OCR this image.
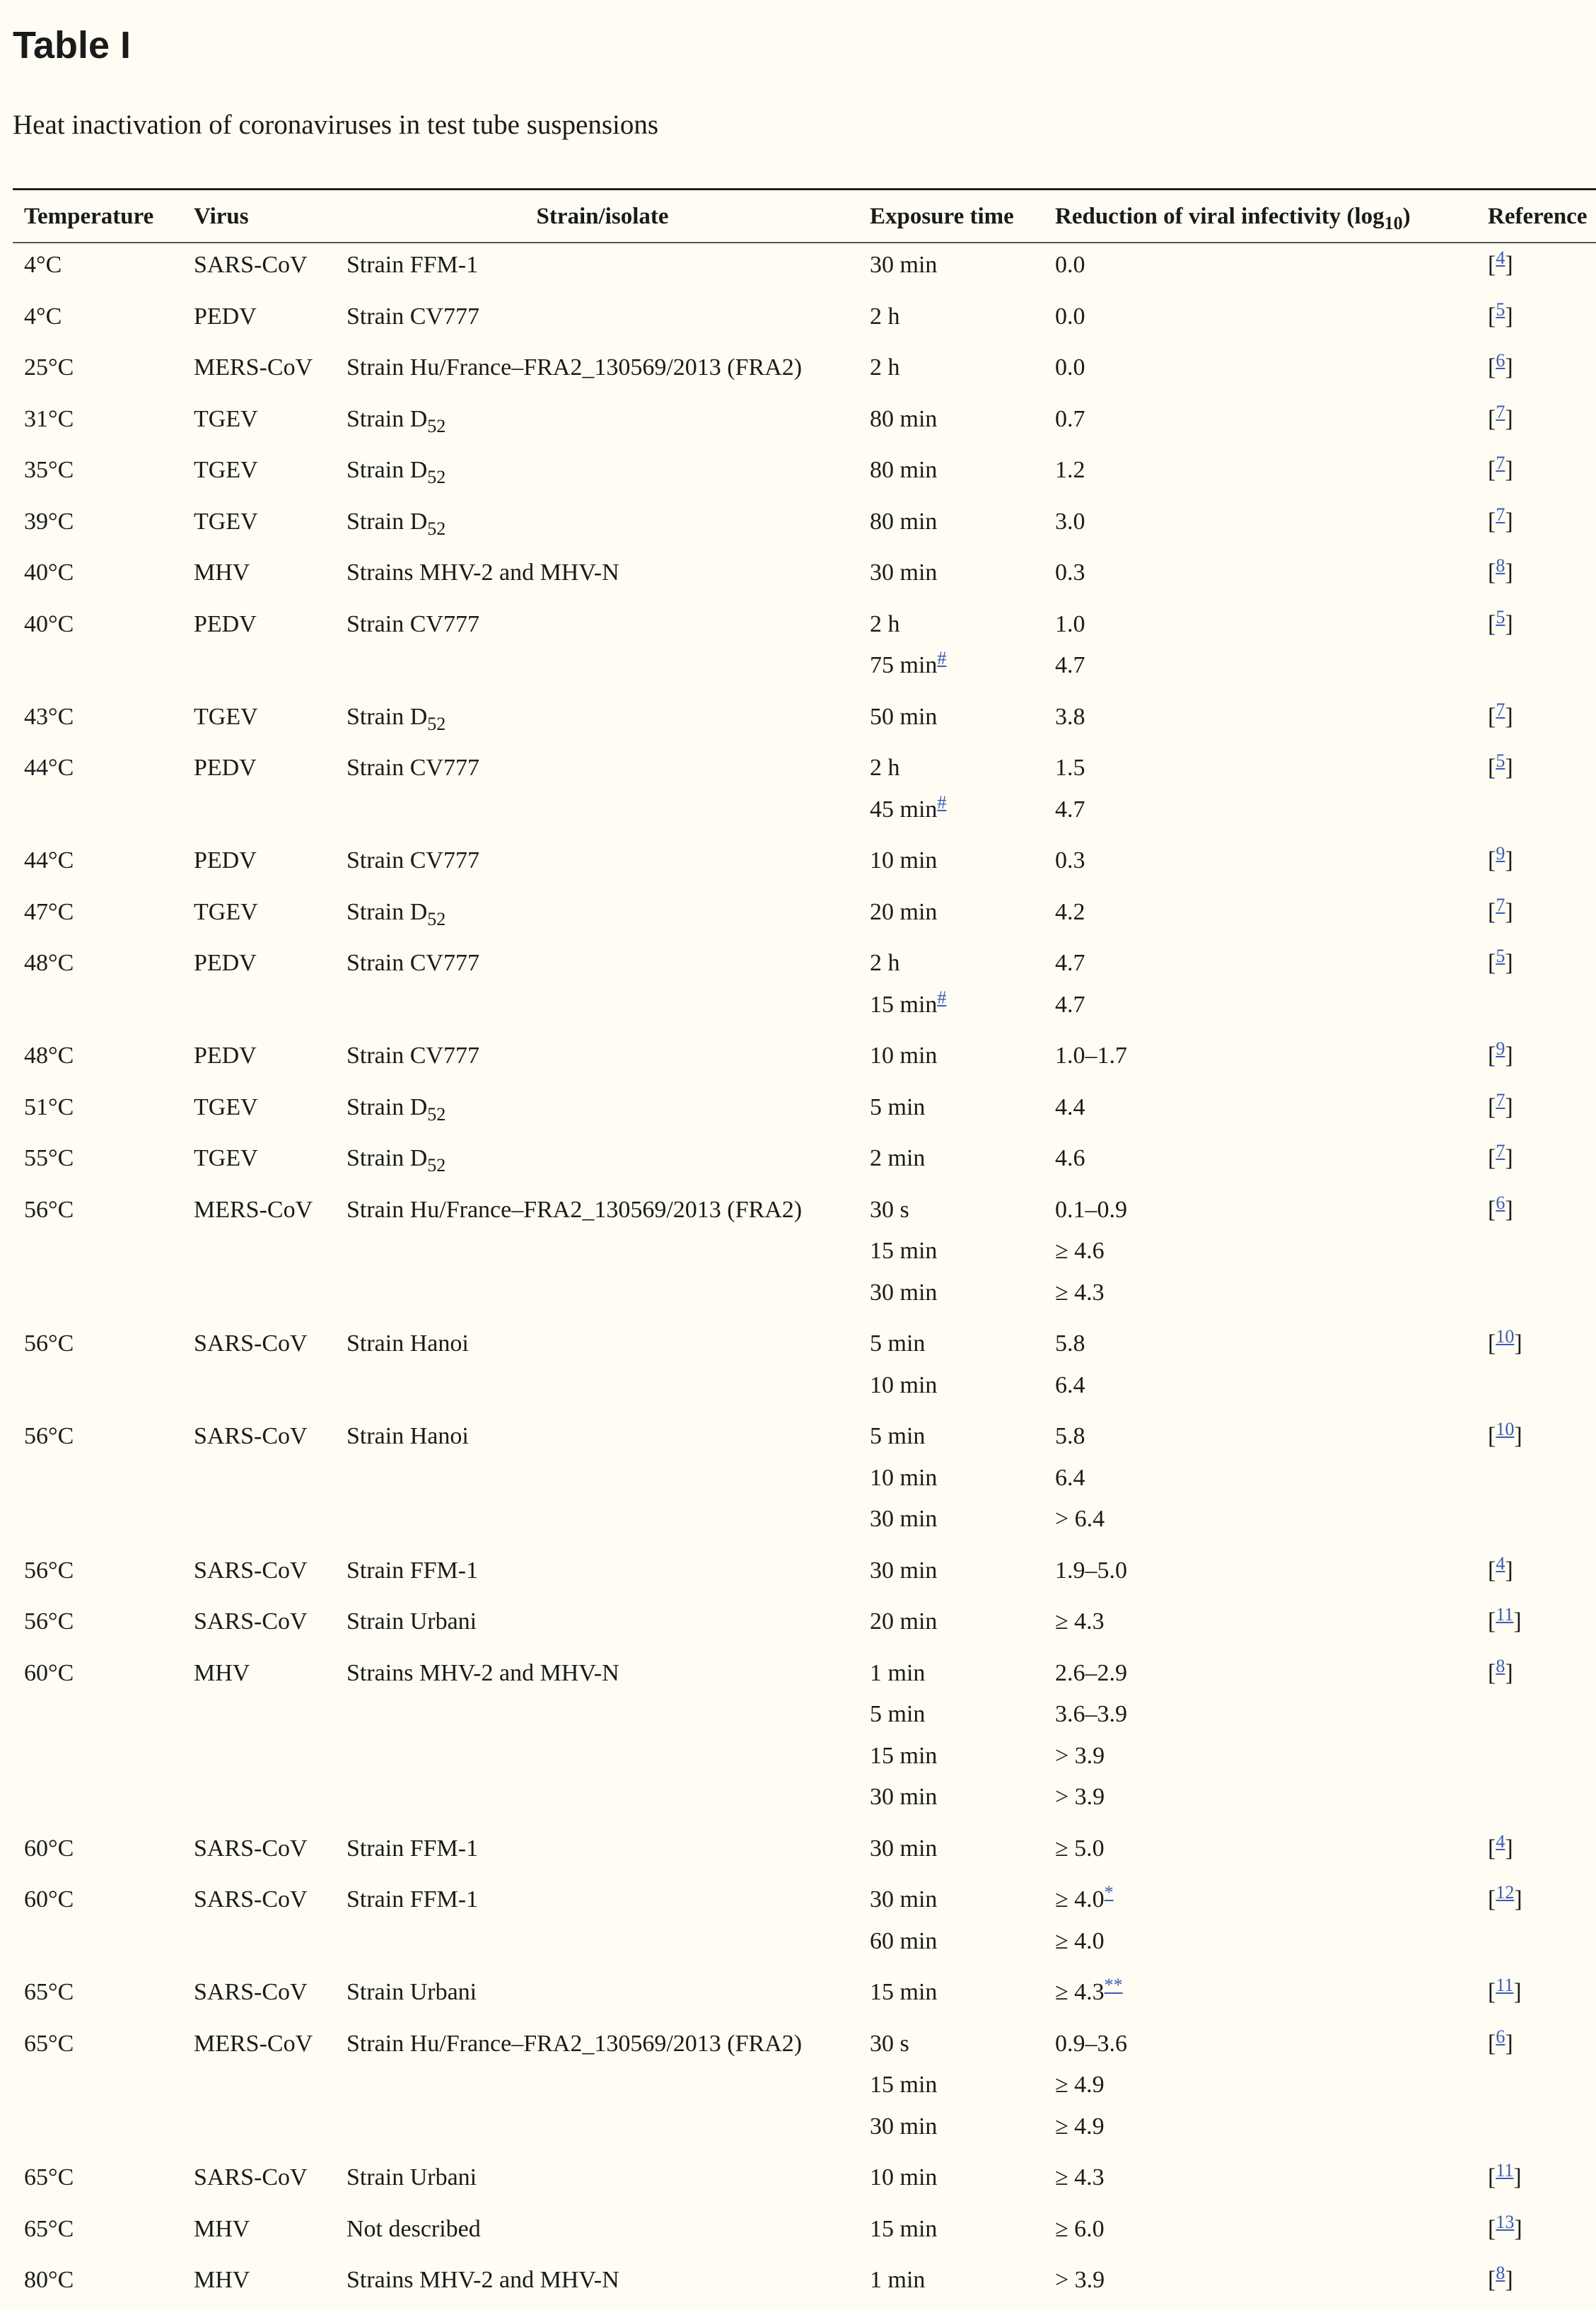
Table I
Heat inactivation of coronaviruses in test tube suspensions
Temperature	Virus	Strain/isolate	Exposure time	Reduction of viral infectivity $(\log_{10})$	Reference
4°C	SARS-CoV	Strain FFM-1	30 min	0.0	[$^4$]
4°C	PEDV	Strain CV777	2 h	0.0	[$^5$]
25°C	MERS-CoV	Strain Hu/France–FRA2_130569/2013 (FRA2)	2 h	0.0	[$^6$]
31°C	TGEV	Strain $D_{52}$	80 min	0.7	[$^7$]
35°C	TGEV	Strain $D_{52}$	80 min	1.2	[$^7$]
39°C	TGEV	Strain $D_{52}$	80 min	3.0	[$^7$]
40°C	MHV	Strains MHV-2 and MHV-N	30 min	0.3	[$^8$]
40°C	PEDV	Strain CV777	2 h	1.0	[$^5$]
			75 min#	4.7	
43°C	TGEV	Strain $D_{52}$	50 min	3.8	[$^7$]
44°C	PEDV	Strain CV777	2 h	1.5	[$^5$]
			45 min#	4.7	
44°C	PEDV	Strain CV777	10 min	0.3	[$^9$]
47°C	TGEV	Strain $D_{52}$	20 min	4.2	[$^7$]
48°C	PEDV	Strain CV777	2 h	4.7	[$^5$]
			15 min#	4.7	
48°C	PEDV	Strain CV777	10 min	1.0–1.7	[$^9$]
51°C	TGEV	Strain $D_{52}$	5 min	4.4	[$^7$]
55°C	TGEV	Strain $D_{52}$	2 min	4.6	[$^7$]
56°C	MERS-CoV	Strain Hu/France–FRA2_130569/2013 (FRA2)	30 s	0.1–0.9	[$^6$]
			15 min	≥ 4.6	
			30 min	≥ 4.3	
56°C	SARS-CoV	Strain Hanoi	5 min	5.8	[$^{10}$]
			10 min	6.4	
56°C	SARS-CoV	Strain Hanoi	5 min	5.8	[$^{10}$]
			10 min	6.4	
			30 min	> 6.4	
56°C	SARS-CoV	Strain FFM-1	30 min	1.9–5.0	[$^4$]
56°C	SARS-CoV	Strain Urbani	20 min	≥ 4.3	[$^{11}$]
60°C	MHV	Strains MHV-2 and MHV-N	1 min	2.6–2.9	[$^8$]
			5 min	3.6–3.9	
			15 min	> 3.9	
			30 min	> 3.9	
60°C	SARS-CoV	Strain FFM-1	30 min	≥ 5.0	[$^4$]
60°C	SARS-CoV	Strain FFM-1	30 min	≥ 4.0*	[$^{12}$]
			60 min	≥ 4.0	
65°C	SARS-CoV	Strain Urbani	15 min	≥ 4.3**	[$^{11}$]
65°C	MERS-CoV	Strain Hu/France–FRA2_130569/2013 (FRA2)	30 s	0.9–3.6	[$^6$]
			15 min	≥ 4.9	
			30 min	≥ 4.9	
65°C	SARS-CoV	Strain Urbani	10 min	≥ 4.3	[$^{11}$]
65°C	MHV	Not described	15 min	≥ 6.0	[$^{13}$]
80°C	MHV	Strains MHV-2 and MHV-N	1 min	> 3.9	[$^8$]
